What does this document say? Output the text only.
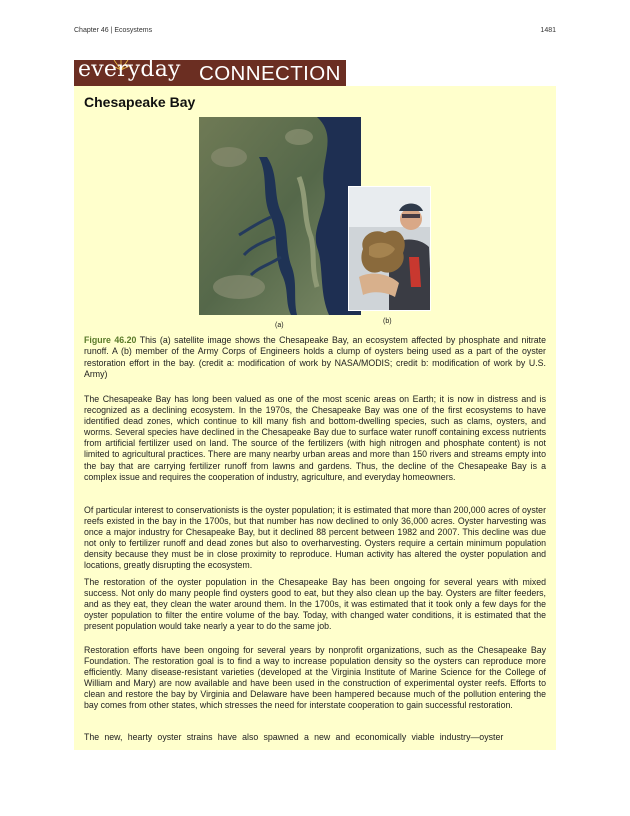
Chapter 46 | Ecosystems	1481
everyday CONNECTION
Chesapeake Bay
(a)
(b)
Figure 46.20 This (a) satellite image shows the Chesapeake Bay, an ecosystem affected by phosphate and nitrate runoff. A (b) member of the Army Corps of Engineers holds a clump of oysters being used as a part of the oyster restoration effort in the bay. (credit a: modification of work by NASA/MODIS; credit b: modification of work by U.S. Army)

The Chesapeake Bay has long been valued as one of the most scenic areas on Earth; it is now in distress and is recognized as a declining ecosystem. In the 1970s, the Chesapeake Bay was one of the first ecosystems to have identified dead zones, which continue to kill many fish and bottom-dwelling species, such as clams, oysters, and worms. Several species have declined in the Chesapeake Bay due to surface water runoff containing excess nutrients from artificial fertilizer used on land. The source of the fertilizers (with high nitrogen and phosphate content) is not limited to agricultural practices. There are many nearby urban areas and more than 150 rivers and streams empty into the bay that are carrying fertilizer runoff from lawns and gardens. Thus, the decline of the Chesapeake Bay is a complex issue and requires the cooperation of industry, agriculture, and everyday homeowners.

Of particular interest to conservationists is the oyster population; it is estimated that more than 200,000 acres of oyster reefs existed in the bay in the 1700s, but that number has now declined to only 36,000 acres. Oyster harvesting was once a major industry for Chesapeake Bay, but it declined 88 percent between 1982 and 2007. This decline was due not only to fertilizer runoff and dead zones but also to overharvesting. Oysters require a certain minimum population density because they must be in close proximity to reproduce. Human activity has altered the oyster population and locations, greatly disrupting the ecosystem.

The restoration of the oyster population in the Chesapeake Bay has been ongoing for several years with mixed success. Not only do many people find oysters good to eat, but they also clean up the bay. Oysters are filter feeders, and as they eat, they clean the water around them. In the 1700s, it was estimated that it took only a few days for the oyster population to filter the entire volume of the bay. Today, with changed water conditions, it is estimated that the present population would take nearly a year to do the same job.

Restoration efforts have been ongoing for several years by nonprofit organizations, such as the Chesapeake Bay Foundation. The restoration goal is to find a way to increase population density so the oysters can reproduce more efficiently. Many disease-resistant varieties (developed at the Virginia Institute of Marine Science for the College of William and Mary) are now available and have been used in the construction of experimental oyster reefs. Efforts to clean and restore the bay by Virginia and Delaware have been hampered because much of the pollution entering the bay comes from other states, which stresses the need for interstate cooperation to gain successful restoration.

The new, hearty oyster strains have also spawned a new and economically viable industry—oyster
